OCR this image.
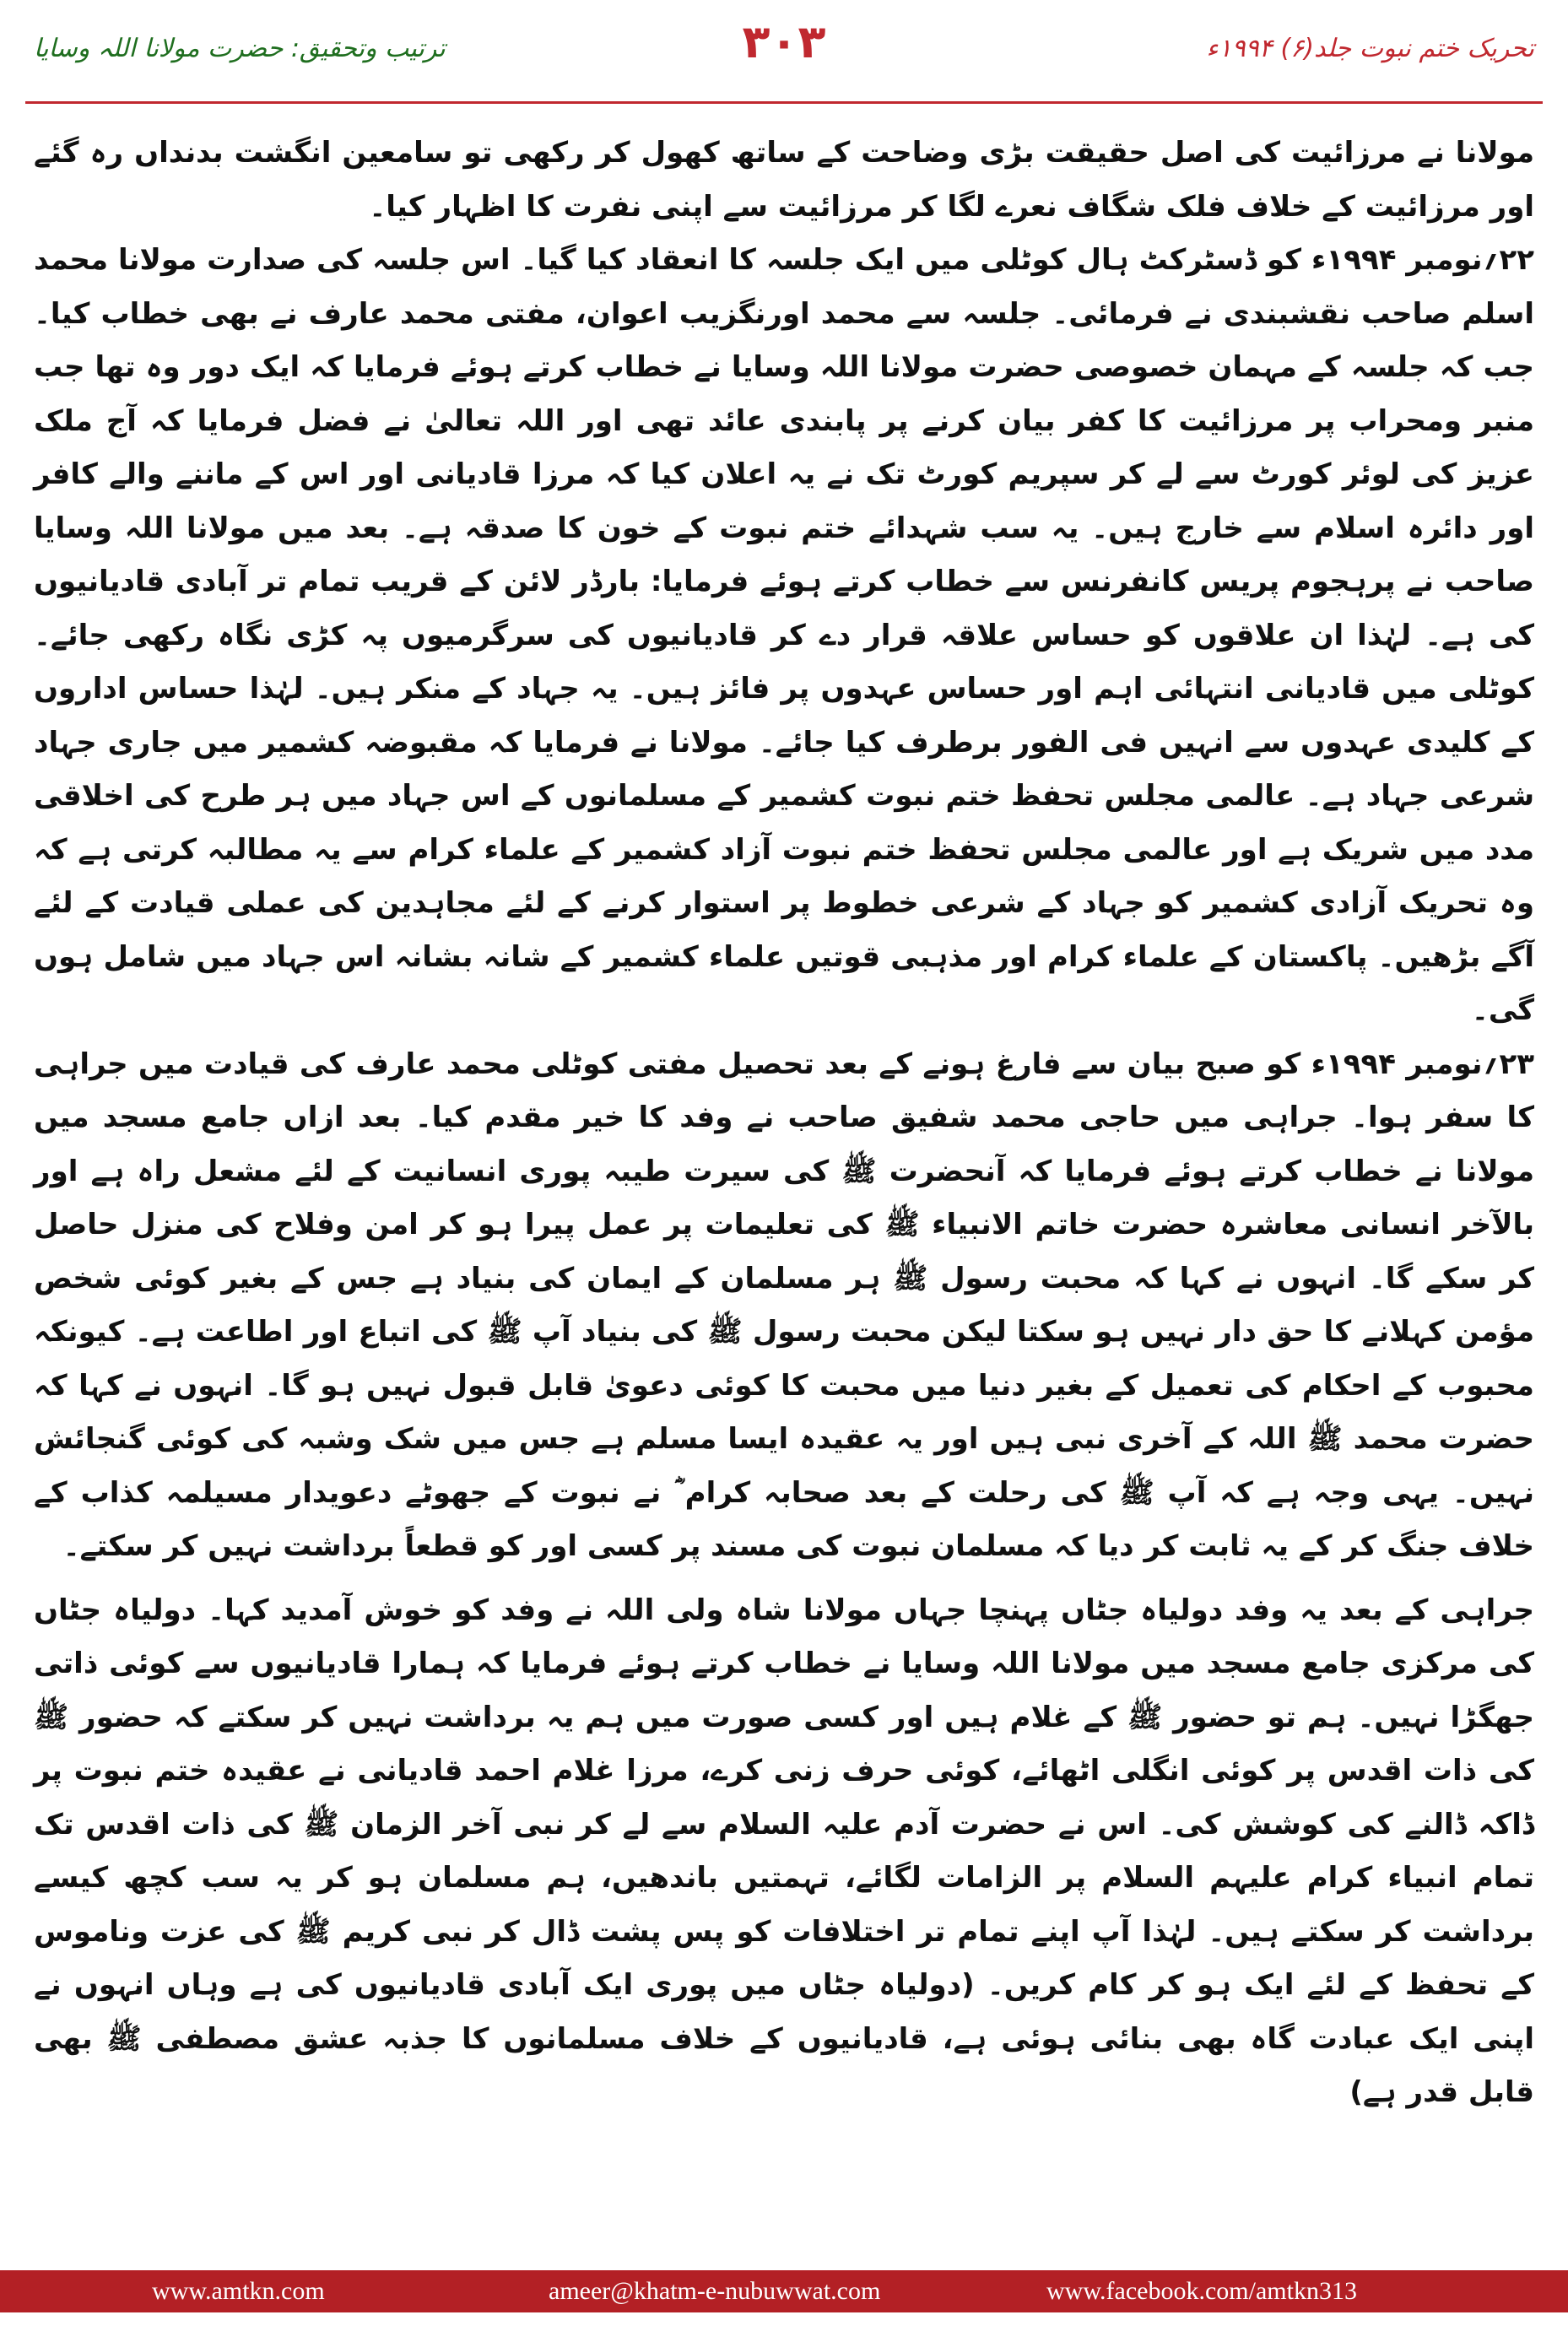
ترتیب وتحقیق: حضرت مولانا اللہ وسایا	۳۰۳	تحریک ختم نبوت جلد(۶) ۱۹۹۴ء

مولانا نے مرزائیت کی اصل حقیقت بڑی وضاحت کے ساتھ کھول کر رکھی تو سامعین انگشت بدنداں رہ گئے اور مرزائیت کے خلاف فلک شگاف نعرے لگا کر مرزائیت سے اپنی نفرت کا اظہار کیا۔

۲۲؍نومبر ۱۹۹۴ء کو ڈسٹرکٹ ہال کوٹلی میں ایک جلسہ کا انعقاد کیا گیا۔ اس جلسہ کی صدارت مولانا محمد اسلم صاحب نقشبندی نے فرمائی۔ جلسہ سے محمد اورنگزیب اعوان، مفتی محمد عارف نے بھی خطاب کیا۔ جب کہ جلسہ کے مہمان خصوصی حضرت مولانا اللہ وسایا نے خطاب کرتے ہوئے فرمایا کہ ایک دور وہ تھا جب منبر ومحراب پر مرزائیت کا کفر بیان کرنے پر پابندی عائد تھی اور اللہ تعالیٰ نے فضل فرمایا کہ آج ملک عزیز کی لوئر کورٹ سے لے کر سپریم کورٹ تک نے یہ اعلان کیا کہ مرزا قادیانی اور اس کے ماننے والے کافر اور دائرہ اسلام سے خارج ہیں۔ یہ سب شہدائے ختم نبوت کے خون کا صدقہ ہے۔ بعد میں مولانا اللہ وسایا صاحب نے پرہجوم پریس کانفرنس سے خطاب کرتے ہوئے فرمایا: بارڈر لائن کے قریب تمام تر آبادی قادیانیوں کی ہے۔ لہٰذا ان علاقوں کو حساس علاقہ قرار دے کر قادیانیوں کی سرگرمیوں پہ کڑی نگاہ رکھی جائے۔ کوٹلی میں قادیانی انتہائی اہم اور حساس عہدوں پر فائز ہیں۔ یہ جہاد کے منکر ہیں۔ لہٰذا حساس اداروں کے کلیدی عہدوں سے انہیں فی الفور برطرف کیا جائے۔ مولانا نے فرمایا کہ مقبوضہ کشمیر میں جاری جہاد شرعی جہاد ہے۔ عالمی مجلس تحفظ ختم نبوت کشمیر کے مسلمانوں کے اس جہاد میں ہر طرح کی اخلاقی مدد میں شریک ہے اور عالمی مجلس تحفظ ختم نبوت آزاد کشمیر کے علماء کرام سے یہ مطالبہ کرتی ہے کہ وہ تحریک آزادی کشمیر کو جہاد کے شرعی خطوط پر استوار کرنے کے لئے مجاہدین کی عملی قیادت کے لئے آگے بڑھیں۔ پاکستان کے علماء کرام اور مذہبی قوتیں علماء کشمیر کے شانہ بشانہ اس جہاد میں شامل ہوں گی۔

۲۳؍نومبر ۱۹۹۴ء کو صبح بیان سے فارغ ہونے کے بعد تحصیل مفتی کوٹلی محمد عارف کی قیادت میں جراہی کا سفر ہوا۔ جراہی میں حاجی محمد شفیق صاحب نے وفد کا خیر مقدم کیا۔ بعد ازاں جامع مسجد میں مولانا نے خطاب کرتے ہوئے فرمایا کہ آنحضرت ﷺ کی سیرت طیبہ پوری انسانیت کے لئے مشعل راہ ہے اور بالآخر انسانی معاشرہ حضرت خاتم الانبیاء ﷺ کی تعلیمات پر عمل پیرا ہو کر امن وفلاح کی منزل حاصل کر سکے گا۔ انہوں نے کہا کہ محبت رسول ﷺ ہر مسلمان کے ایمان کی بنیاد ہے جس کے بغیر کوئی شخص مؤمن کہلانے کا حق دار نہیں ہو سکتا لیکن محبت رسول ﷺ کی بنیاد آپ ﷺ کی اتباع اور اطاعت ہے۔ کیونکہ محبوب کے احکام کی تعمیل کے بغیر دنیا میں محبت کا کوئی دعویٰ قابل قبول نہیں ہو گا۔ انہوں نے کہا کہ حضرت محمد ﷺ اللہ کے آخری نبی ہیں اور یہ عقیدہ ایسا مسلم ہے جس میں شک وشبہ کی کوئی گنجائش نہیں۔ یہی وجہ ہے کہ آپ ﷺ کی رحلت کے بعد صحابہ کرام ؓ نے نبوت کے جھوٹے دعویدار مسیلمہ کذاب کے خلاف جنگ کر کے یہ ثابت کر دیا کہ مسلمان نبوت کی مسند پر کسی اور کو قطعاً برداشت نہیں کر سکتے۔

جراہی کے بعد یہ وفد دولیاہ جٹاں پہنچا جہاں مولانا شاہ ولی اللہ نے وفد کو خوش آمدید کہا۔ دولیاہ جٹاں کی مرکزی جامع مسجد میں مولانا اللہ وسایا نے خطاب کرتے ہوئے فرمایا کہ ہمارا قادیانیوں سے کوئی ذاتی جھگڑا نہیں۔ ہم تو حضور ﷺ کے غلام ہیں اور کسی صورت میں ہم یہ برداشت نہیں کر سکتے کہ حضور ﷺ کی ذات اقدس پر کوئی انگلی اٹھائے، کوئی حرف زنی کرے، مرزا غلام احمد قادیانی نے عقیدہ ختم نبوت پر ڈاکہ ڈالنے کی کوشش کی۔ اس نے حضرت آدم علیہ السلام سے لے کر نبی آخر الزمان ﷺ کی ذات اقدس تک تمام انبیاء کرام علیہم السلام پر الزامات لگائے، تہمتیں باندھیں، ہم مسلمان ہو کر یہ سب کچھ کیسے برداشت کر سکتے ہیں۔ لہٰذا آپ اپنے تمام تر اختلافات کو پس پشت ڈال کر نبی کریم ﷺ کی عزت وناموس کے تحفظ کے لئے ایک ہو کر کام کریں۔ (دولیاہ جٹاں میں پوری ایک آبادی قادیانیوں کی ہے وہاں انہوں نے اپنی ایک عبادت گاہ بھی بنائی ہوئی ہے، قادیانیوں کے خلاف مسلمانوں کا جذبہ عشق مصطفی ﷺ بھی قابل قدر ہے)

www.amtkn.com	ameer@khatm-e-nubuwwat.com	www.facebook.com/amtkn313
